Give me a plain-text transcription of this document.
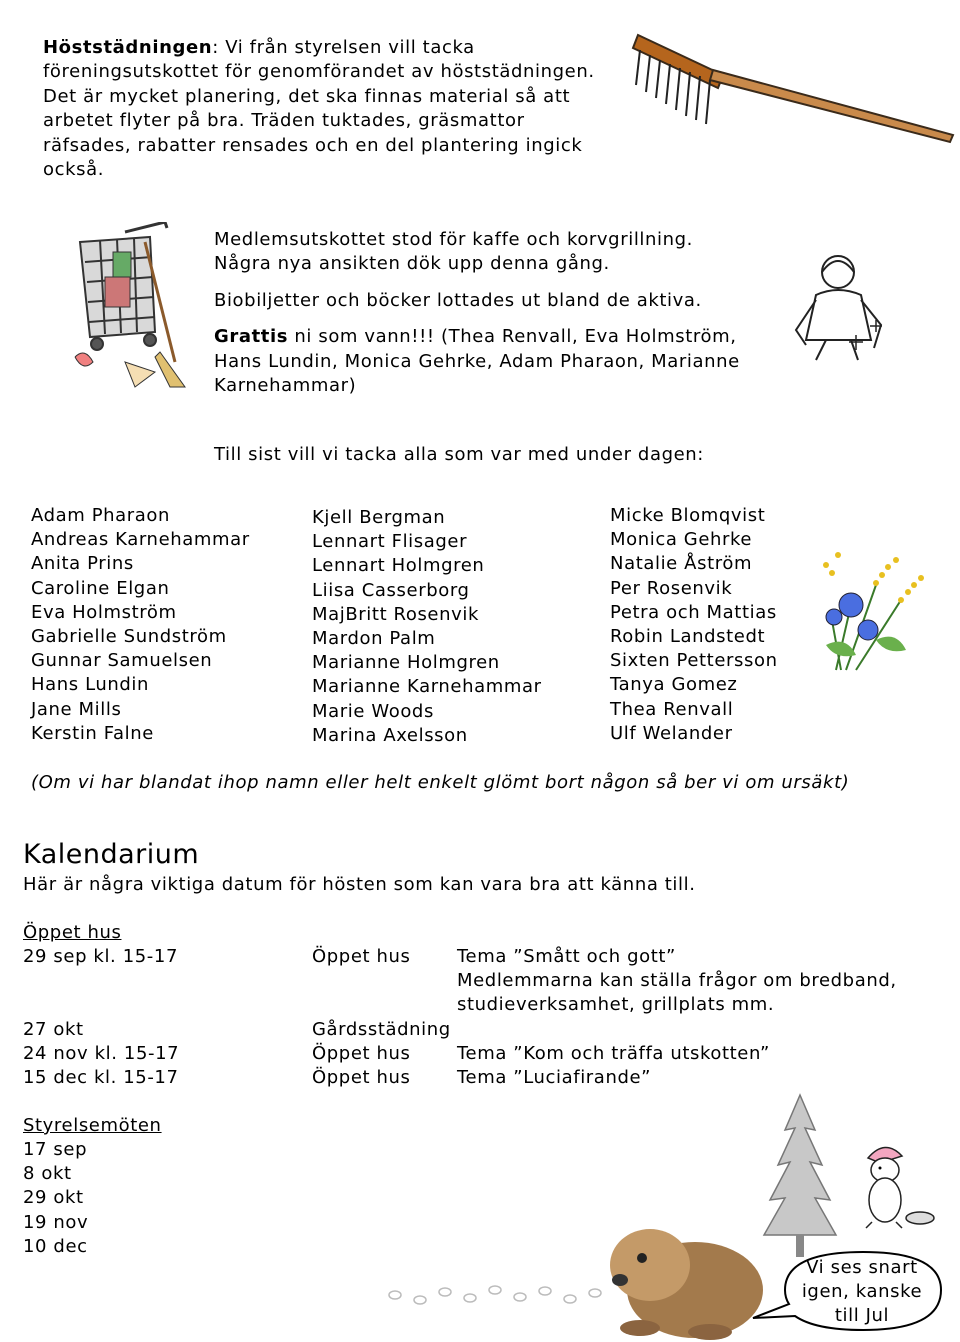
Höststädningen: Vi från styrelsen vill tacka
föreningsutskottet för genomförandet av höststädningen.
Det är mycket planering, det ska finnas material så att
arbetet flyter på bra. Träden tuktades, gräsmattor
räfsades, rabatter rensades och en del plantering ingick
också.
Medlemsutskottet stod för kaffe och korvgrillning.
Några nya ansikten dök upp denna gång.
Biobiljetter och böcker lottades ut bland de aktiva.
Grattis ni som vann!!! (Thea Renvall, Eva Holmström,
Hans Lundin, Monica Gehrke, Adam Pharaon, Marianne
Karnehammar)
Till sist vill vi tacka alla som var med under dagen:
Adam Pharaon
Andreas Karnehammar
Anita Prins
Caroline Elgan
Eva Holmström
Gabrielle Sundström
Gunnar Samuelsen
Hans Lundin
Jane Mills
Kerstin Falne
Kjell Bergman
Lennart Flisager
Lennart Holmgren
Liisa Casserborg
MajBritt Rosenvik
Mardon Palm
Marianne Holmgren
Marianne Karnehammar
Marie Woods
Marina Axelsson
Micke Blomqvist
Monica Gehrke
Natalie Åström
Per Rosenvik
Petra och Mattias
Robin Landstedt
Sixten Pettersson
Tanya Gomez
Thea Renvall
Ulf Welander
(Om vi har blandat ihop namn eller helt enkelt glömt bort någon så ber vi om ursäkt)
Kalendarium
Här är några viktiga datum för hösten som kan vara bra att känna till.
Öppet hus
29 sep kl. 15-17	Öppet hus	Tema ”Smått och gott”
Medlemmarna kan ställa frågor om bredband,
studieverksamhet, grillplats mm.
27 okt	Gårdsstädning
24 nov kl. 15-17	Öppet hus	Tema ”Kom och träffa utskotten”
15 dec kl. 15-17	Öppet hus	Tema ”Luciafirande”
Styrelsemöten
17 sep
8 okt
29 okt
19 nov
10 dec
Vi ses snart
igen, kanske
till Jul
